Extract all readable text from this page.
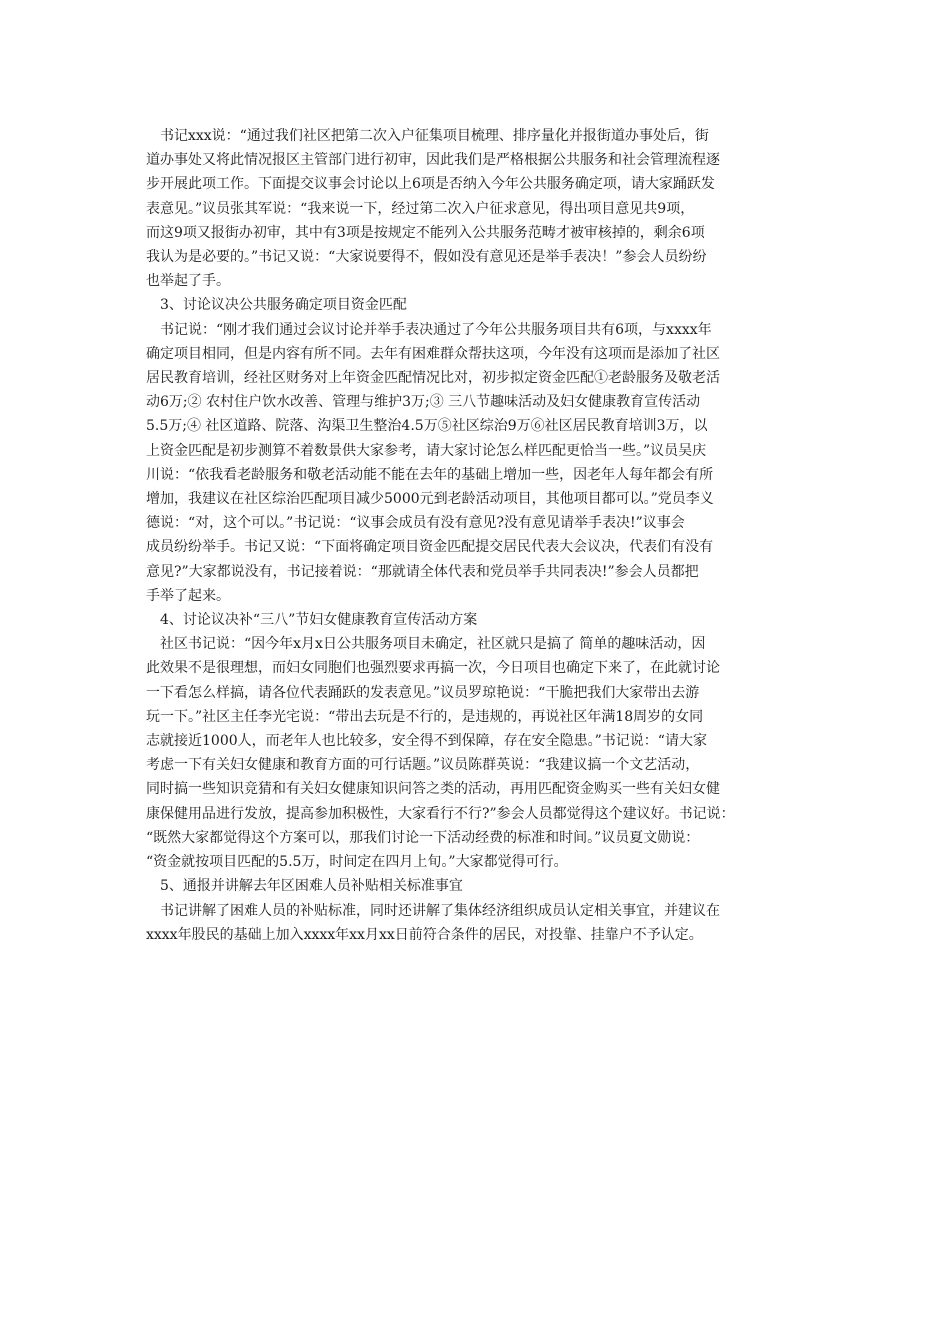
　书记xxx说：“通过我们社区把第二次入户征集项目梳理、排序量化并报街道办事处后，街
道办事处又将此情况报区主管部门进行初审，因此我们是严格根据公共服务和社会管理流程逐
步开展此项工作。下面提交议事会讨论以上6项是否纳入今年公共服务确定项，请大家踊跃发
表意见。”议员张其军说：“我来说一下，经过第二次入户征求意见，得出项目意见共9项，
而这9项又报街办初审，其中有3项是按规定不能列入公共服务范畴才被审核掉的，剩余6项
我认为是必要的。”书记又说：“大家说要得不，假如没有意见还是举手表决！”参会人员纷纷
也举起了手。
　3、讨论议决公共服务确定项目资金匹配
　书记说：“刚才我们通过会议讨论并举手表决通过了今年公共服务项目共有6项，与xxxx年
确定项目相同，但是内容有所不同。去年有困难群众帮扶这项，今年没有这项而是添加了社区
居民教育培训，经社区财务对上年资金匹配情况比对，初步拟定资金匹配①老龄服务及敬老活
动6万;② 农村住户饮水改善、管理与维护3万;③ 三八节趣味活动及妇女健康教育宣传活动
5.5万;④ 社区道路、院落、沟渠卫生整治4.5万⑤社区综治9万⑥社区居民教育培训3万，以
上资金匹配是初步测算不着数景供大家参考，请大家讨论怎么样匹配更恰当一些。”议员吴庆
川说：“依我看老龄服务和敬老活动能不能在去年的基础上增加一些，因老年人每年都会有所
增加，我建议在社区综治匹配项目减少5000元到老龄活动项目，其他项目都可以。”党员李义
德说：“对，这个可以。”书记说：“议事会成员有没有意见?没有意见请举手表决!”议事会
成员纷纷举手。书记又说：“下面将确定项目资金匹配提交居民代表大会议决，代表们有没有
意见?”大家都说没有，书记接着说：“那就请全体代表和党员举手共同表决!”参会人员都把
手举了起来。
　4、讨论议决补“三八”节妇女健康教育宣传活动方案
　社区书记说：“因今年x月x日公共服务项目未确定，社区就只是搞了 简单的趣味活动，因
此效果不是很理想，而妇女同胞们也强烈要求再搞一次，今日项目也确定下来了，在此就讨论
一下看怎么样搞，请各位代表踊跃的发表意见。”议员罗琼艳说：“干脆把我们大家带出去游
玩一下。”社区主任李光宅说：“带出去玩是不行的，是违规的，再说社区年满18周岁的女同
志就接近1000人，而老年人也比较多，安全得不到保障，存在安全隐患。”书记说：“请大家
考虑一下有关妇女健康和教育方面的可行话题。”议员陈群英说：“我建议搞一个文艺活动，
同时搞一些知识竞猜和有关妇女健康知识问答之类的活动，再用匹配资金购买一些有关妇女健
康保健用品进行发放，提高参加积极性，大家看行不行?”参会人员都觉得这个建议好。书记说：
“既然大家都觉得这个方案可以，那我们讨论一下活动经费的标准和时间。”议员夏文勋说：
“资金就按项目匹配的5.5万，时间定在四月上旬。”大家都觉得可行。
　5、通报并讲解去年区困难人员补贴相关标准事宜
　书记讲解了困难人员的补贴标准，同时还讲解了集体经济组织成员认定相关事宜，并建议在
xxxx年股民的基础上加入xxxx年xx月xx日前符合条件的居民，对投靠、挂靠户不予认定。
